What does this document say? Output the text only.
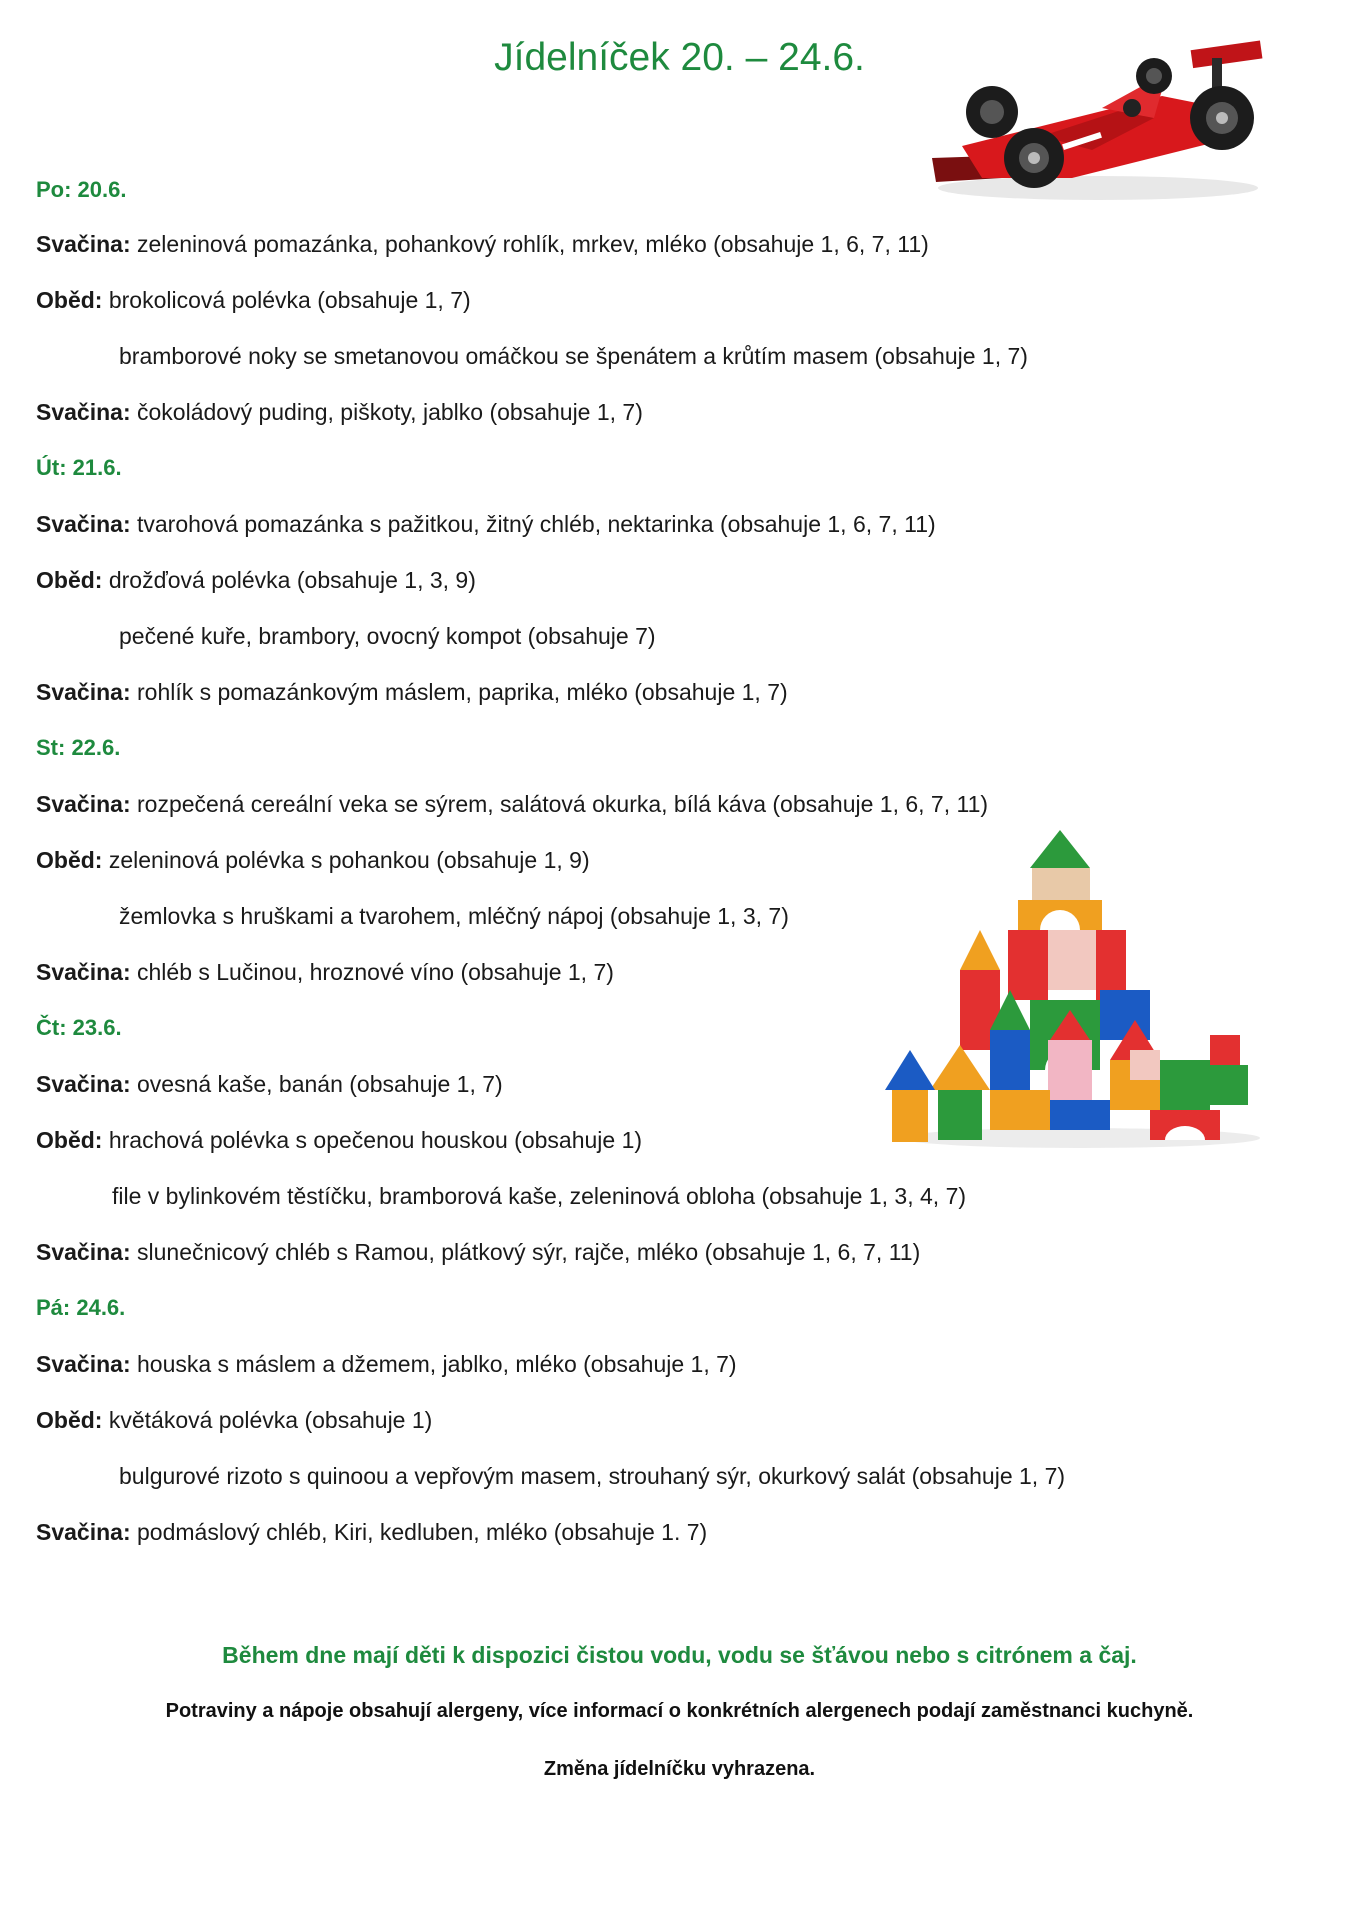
Jídelníček 20. – 24.6.
Po: 20.6.
Svačina: zeleninová pomazánka, pohankový rohlík, mrkev, mléko (obsahuje 1, 6, 7, 11)
Oběd: brokolicová polévka (obsahuje 1, 7)
bramborové noky se smetanovou omáčkou se špenátem a krůtím masem (obsahuje 1, 7)
Svačina: čokoládový puding, piškoty, jablko (obsahuje 1, 7)
Út: 21.6.
Svačina: tvarohová pomazánka s pažitkou, žitný chléb, nektarinka (obsahuje 1, 6, 7, 11)
Oběd: drožďová polévka (obsahuje 1, 3, 9)
pečené kuře, brambory, ovocný kompot (obsahuje 7)
Svačina: rohlík s pomazánkovým máslem, paprika, mléko (obsahuje 1, 7)
St: 22.6.
Svačina: rozpečená cereální veka se sýrem, salátová okurka, bílá káva (obsahuje 1, 6, 7, 11)
Oběd: zeleninová polévka s pohankou (obsahuje 1, 9)
žemlovka s hruškami a tvarohem, mléčný nápoj (obsahuje 1, 3, 7)
Svačina: chléb s Lučinou, hroznové víno (obsahuje 1, 7)
Čt: 23.6.
Svačina: ovesná kaše, banán (obsahuje 1, 7)
Oběd: hrachová polévka s opečenou houskou (obsahuje 1)
file v bylinkovém těstíčku, bramborová kaše, zeleninová obloha (obsahuje 1, 3, 4, 7)
Svačina: slunečnicový chléb s Ramou, plátkový sýr, rajče, mléko (obsahuje 1, 6, 7, 11)
Pá: 24.6.
Svačina: houska s máslem a džemem, jablko, mléko (obsahuje 1, 7)
Oběd: květáková polévka (obsahuje 1)
bulgurové rizoto s quinoou a vepřovým masem, strouhaný sýr, okurkový salát (obsahuje 1, 7)
Svačina: podmáslový chléb, Kiri, kedluben, mléko (obsahuje 1. 7)
Během dne mají děti k dispozici čistou vodu, vodu se šťávou nebo s citrónem a čaj.
Potraviny a nápoje obsahují alergeny, více informací o konkrétních alergenech podají zaměstnanci kuchyně.
Změna jídelníčku vyhrazena.
